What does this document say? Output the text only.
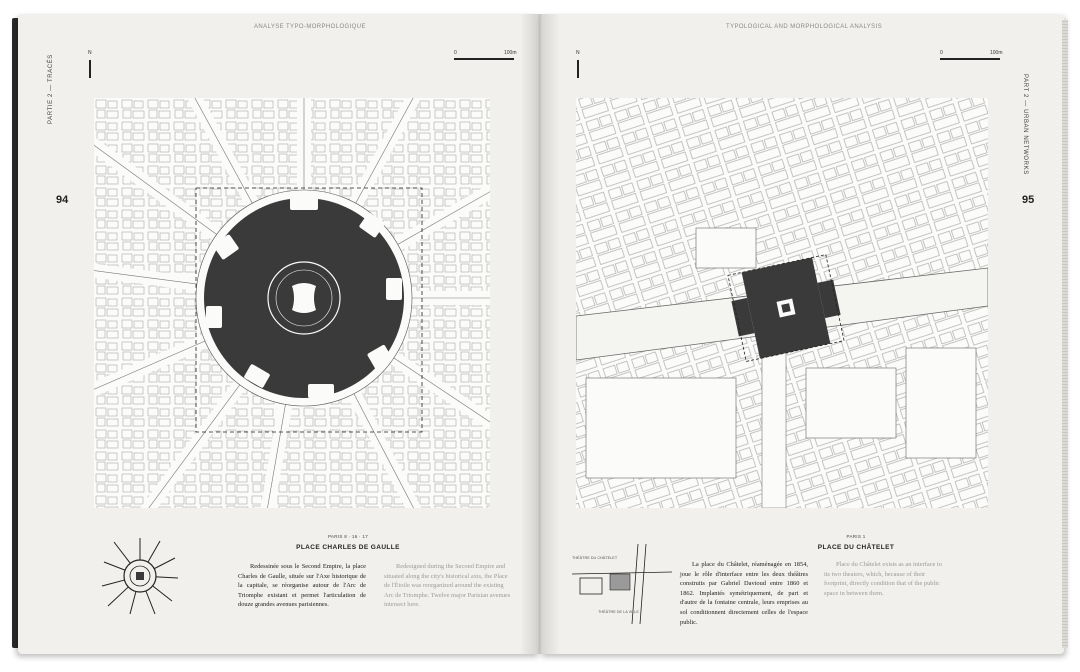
ANALYSE TYPO-MORPHOLOGIQUE
N	0	100m
PARTIE 2 — TRACÉS
94
PARIS 8 · 16 · 17
PLACE CHARLES DE GAULLE

Redessinée sous le Second Empire, la place Charles de Gaulle, située sur l'Axe historique de la capitale, se réorganise autour de l'Arc de Triomphe existant et permet l'articulation de douze grandes avenues parisiennes.

Redesigned during the Second Empire and situated along the city's historical axis, the Place de l'Étoile was reorganized around the existing Arc de Triomphe. Twelve major Parisian avenues intersect here.

TYPOLOGICAL AND MORPHOLOGICAL ANALYSIS
N	0	100m
PART 2 — URBAN NETWORKS
95
PARIS 1
PLACE DU CHÂTELET
THÉÂTRE DU CHÂTELET
THÉÂTRE DE LA VILLE

La place du Châtelet, réaménagée en 1854, joue le rôle d'interface entre les deux théâtres construits par Gabriel Davioud entre 1860 et 1862. Implantés symétriquement, de part et d'autre de la fontaine centrale, leurs emprises au sol conditionnent directement celles de l'espace public.

Place du Châtelet exists as an interface to its two theaters, which, because of their footprint, directly condition that of the public space in between them.
